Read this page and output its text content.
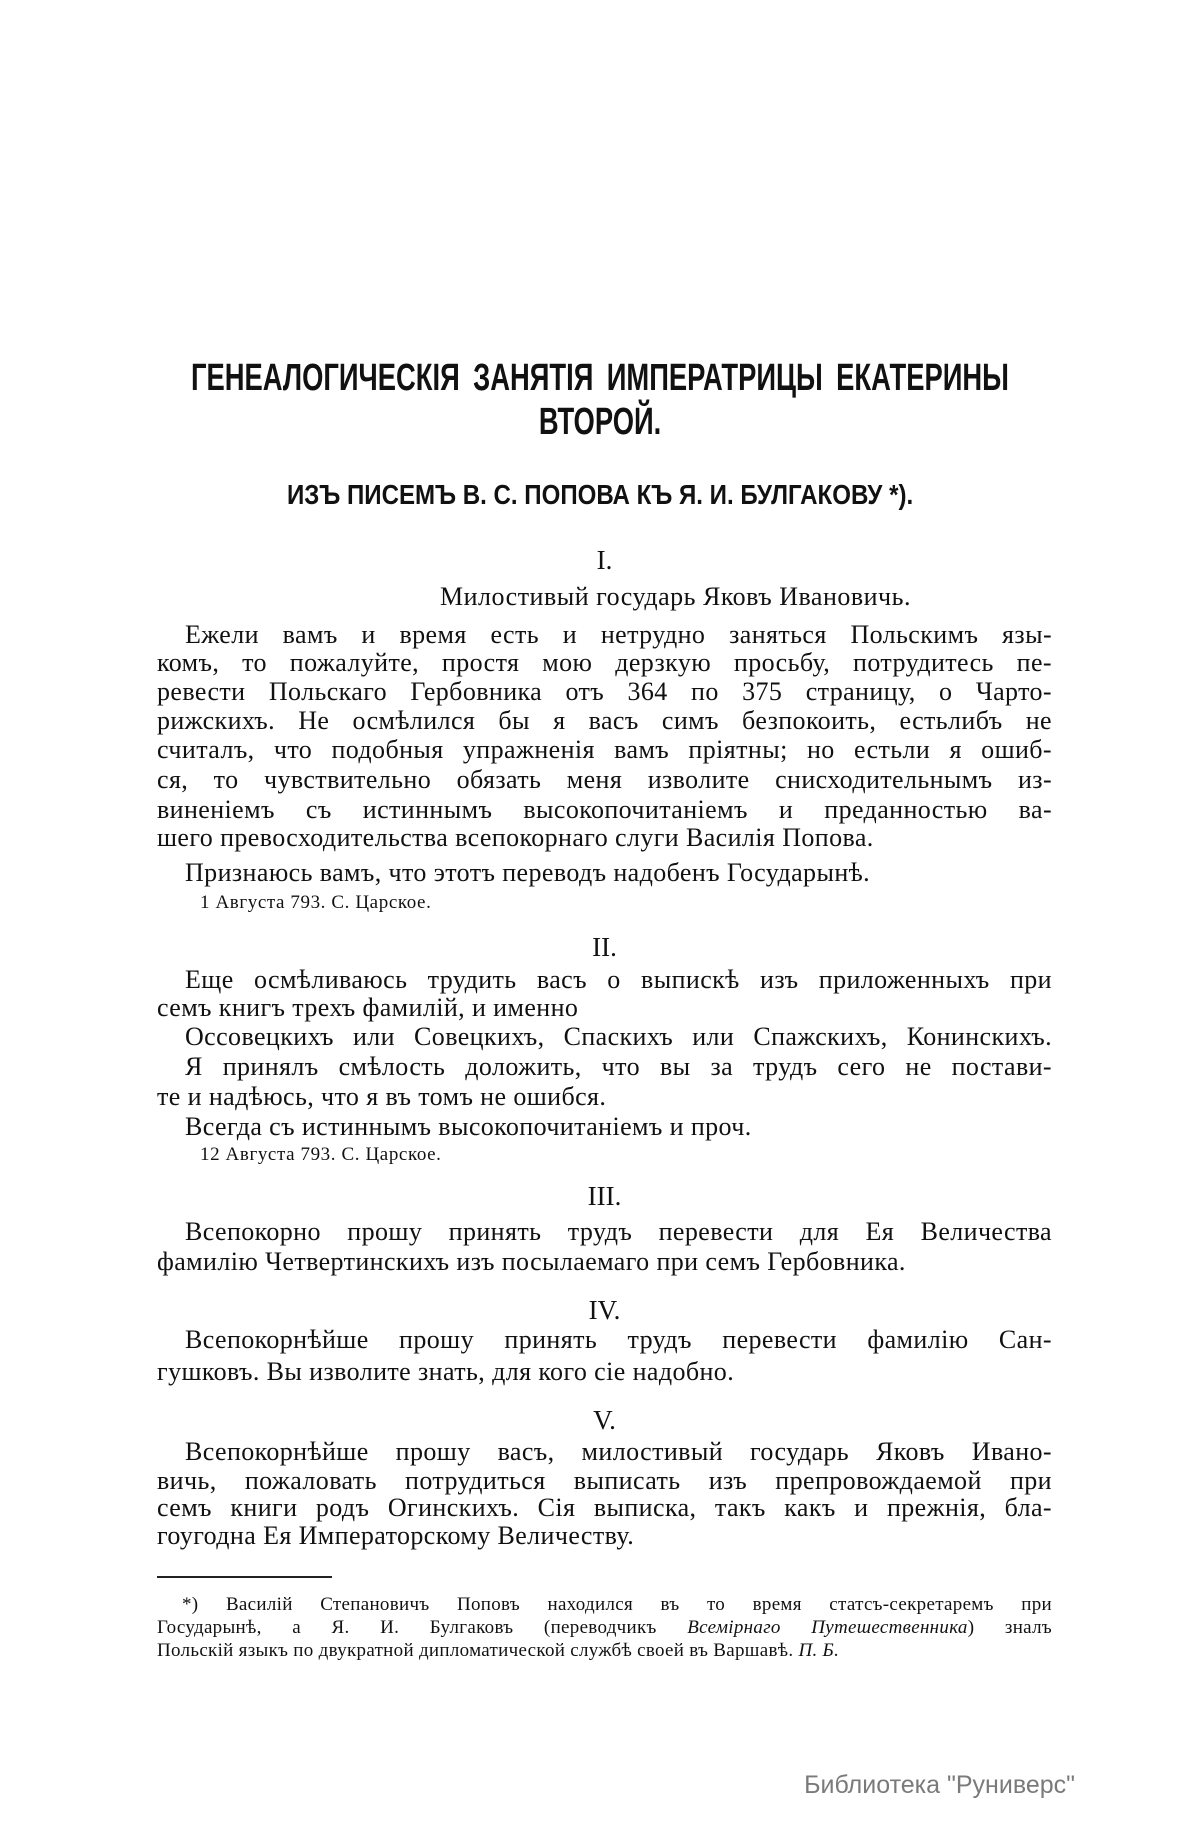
ГЕНЕАЛОГИЧЕСКІЯ ЗАНЯТІЯ ИМПЕРАТРИЦЫ ЕКАТЕРИНЫ
ВТОРОЙ.
ИЗЪ ПИСЕМЪ В. С. ПОПОВА КЪ Я. И. БУЛГАКОВУ *).
I.
Милостивый государь Яковъ Ивановичь.
Ежели вамъ и время есть и нетрудно заняться Польскимъ язы-
комъ, то пожалуйте, простя мою дерзкую просьбу, потрудитесь пе-
ревести Польскаго Гербовника отъ 364 по 375 страницу, о Чарто-
рижскихъ. Не осмѣлился бы я васъ симъ безпокоить, естьлибъ не
считалъ, что подобныя упражненія вамъ пріятны; но естьли я ошиб-
ся, то чувствительно обязать меня изволите снисходительнымъ из-
виненіемъ съ истиннымъ высокопочитаніемъ и преданностью ва-
шего превосходительства всепокорнаго слуги Василія Попова.
Признаюсь вамъ, что этотъ переводъ надобенъ Государынѣ.
1 Августа 793. С. Царское.
II.
Еще осмѣливаюсь трудить васъ о выпискѣ изъ приложенныхъ при
семъ книгъ трехъ фамилій, и именно
Оссовецкихъ или Совецкихъ, Спаскихъ или Спажскихъ, Конинскихъ.
Я принялъ смѣлость доложить, что вы за трудъ сего не постави-
те и надѣюсь, что я въ томъ не ошибся.
Всегда съ истиннымъ высокопочитаніемъ и проч.
12 Августа 793. С. Царское.
III.
Всепокорно прошу принять трудъ перевести для Ея Величества
фамилію Четвертинскихъ изъ посылаемаго при семъ Гербовника.
IV.
Всепокорнѣйше прошу принять трудъ перевести фамилію Сан-
гушковъ. Вы изволите знать, для кого сіе надобно.
V.
Всепокорнѣйше прошу васъ, милостивый государь Яковъ Ивано-
вичь, пожаловать потрудиться выписать изъ препровождаемой при
семъ книги родъ Огинскихъ. Сія выписка, такъ какъ и прежнія, бла-
гоугодна Ея Императорскому Величеству.
*) Василій Степановичъ Поповъ находился въ то время статсъ-секретаремъ при
Государынѣ, а Я. И. Булгаковъ (переводчикъ Всемірнаго Путешественника) зналъ
Польскій языкъ по двукратной дипломатической службѣ своей въ Варшавѣ. П. Б.
Библиотека "Руниверс"
